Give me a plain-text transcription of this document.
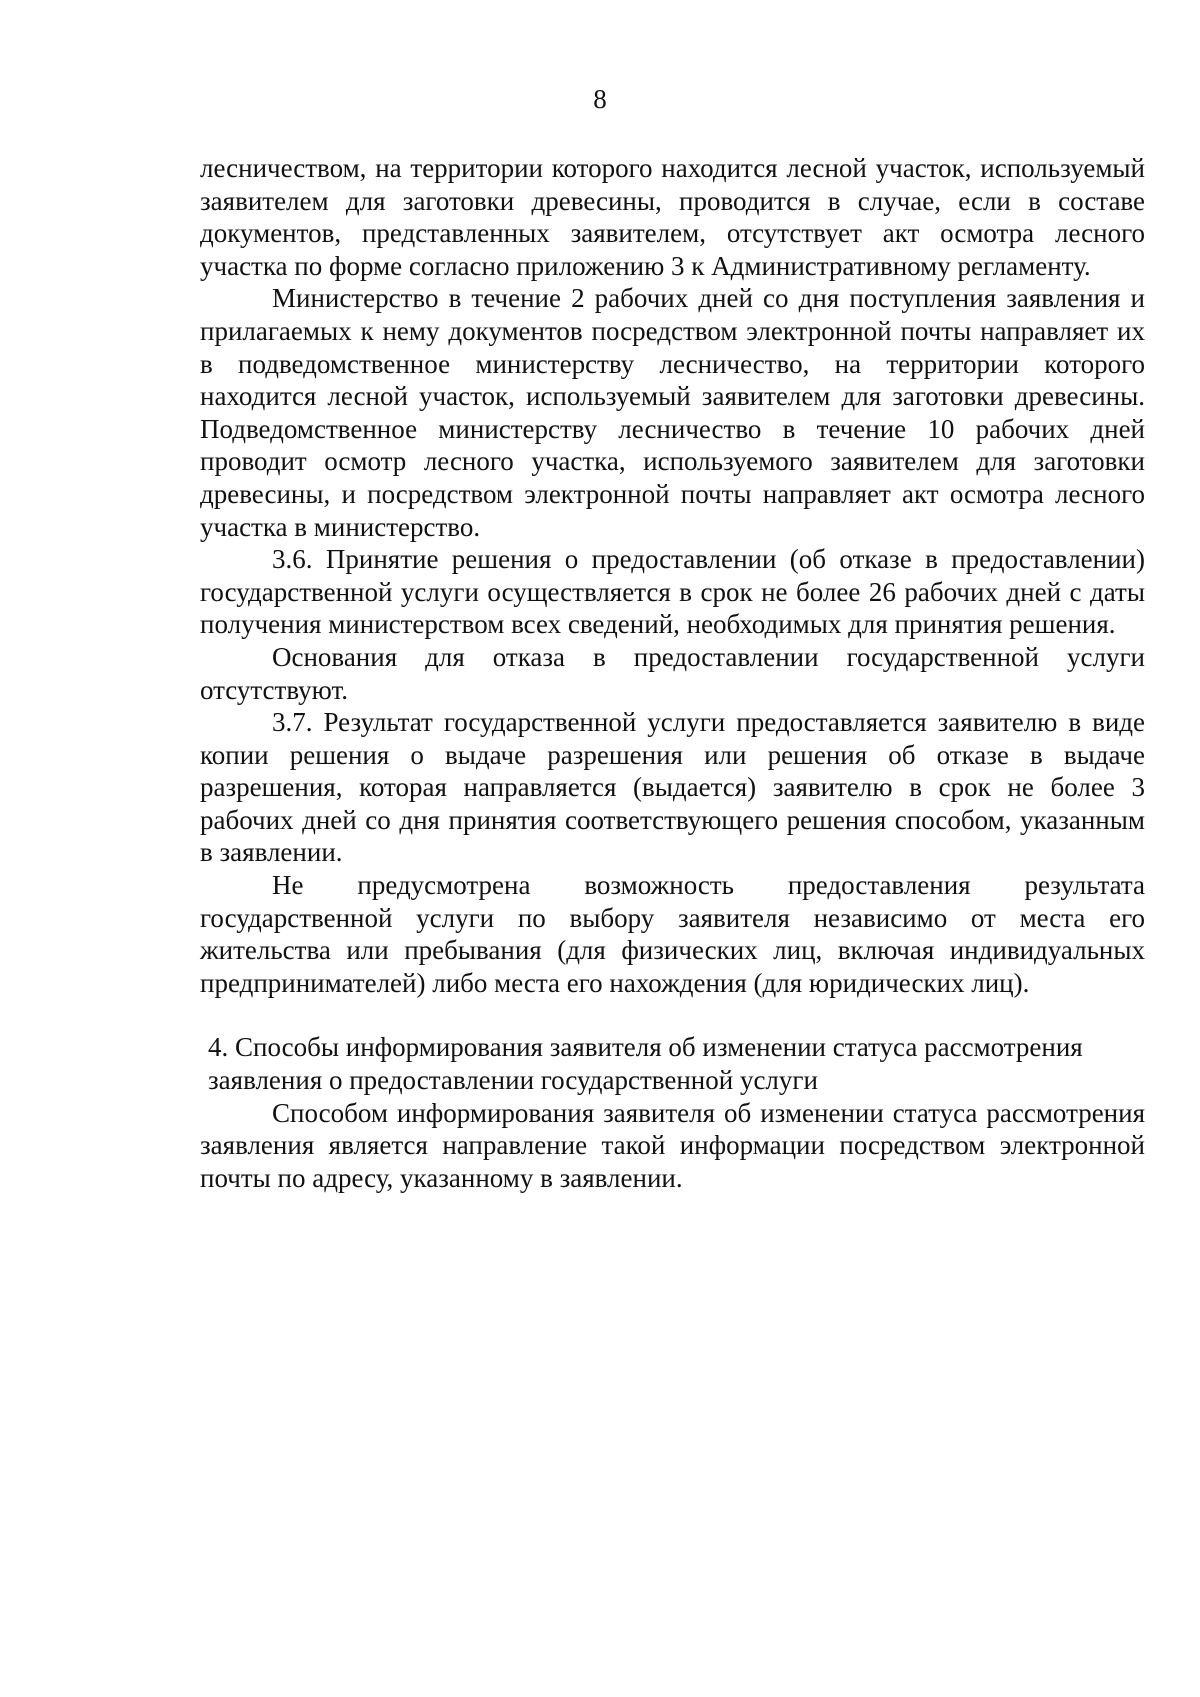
8

лесничеством, на территории которого находится лесной участок, используемый заявителем для заготовки древесины, проводится в случае, если в составе документов, представленных заявителем, отсутствует акт осмотра лесного участка по форме согласно приложению 3 к Административному регламенту.

Министерство в течение 2 рабочих дней со дня поступления заявления и прилагаемых к нему документов посредством электронной почты направляет их в подведомственное министерству лесничество, на территории которого находится лесной участок, используемый заявителем для заготовки древесины. Подведомственное министерству лесничество в течение 10 рабочих дней проводит осмотр лесного участка, используемого заявителем для заготовки древесины, и посредством электронной почты направляет акт осмотра лесного участка в министерство.

3.6. Принятие решения о предоставлении (об отказе в предоставлении) государственной услуги осуществляется в срок не более 26 рабочих дней с даты получения министерством всех сведений, необходимых для принятия решения.

Основания для отказа в предоставлении государственной услуги отсутствуют.

3.7. Результат государственной услуги предоставляется заявителю в виде копии решения о выдаче разрешения или решения об отказе в выдаче разрешения, которая направляется (выдается) заявителю в срок не более 3 рабочих дней со дня принятия соответствующего решения способом, указанным в заявлении.

Не предусмотрена возможность предоставления результата государственной услуги по выбору заявителя независимо от места его жительства или пребывания (для физических лиц, включая индивидуальных предпринимателей) либо места его нахождения (для юридических лиц).

4. Способы информирования заявителя об изменении статуса рассмотрения

заявления о предоставлении государственной услуги

Способом информирования заявителя об изменении статуса рассмотрения заявления является направление такой информации посредством электронной почты по адресу, указанному в заявлении.
